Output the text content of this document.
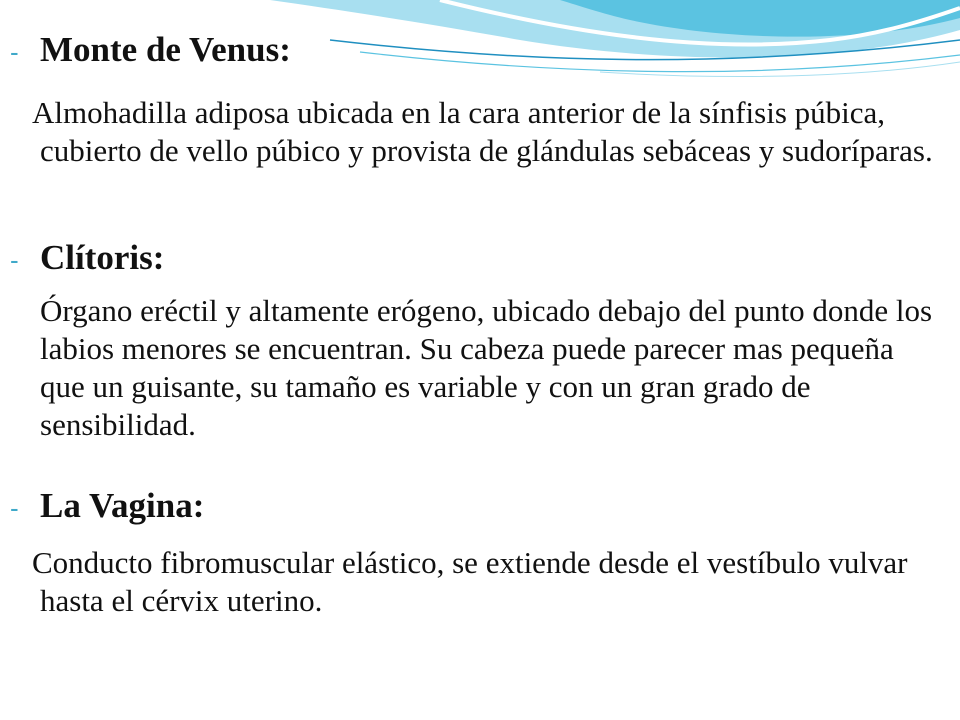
- Monte de Venus:

Almohadilla adiposa ubicada en la cara anterior de la sínfisis púbica, cubierto de vello púbico y provista de glándulas sebáceas y sudoríparas.

- Clítoris:

Órgano eréctil y altamente erógeno, ubicado debajo del punto donde los labios menores se encuentran. Su cabeza puede parecer mas pequeña que un guisante, su tamaño es variable y con un gran grado de sensibilidad.

- La Vagina:

Conducto fibromuscular elástico, se extiende desde el vestíbulo vulvar hasta el cérvix uterino.
